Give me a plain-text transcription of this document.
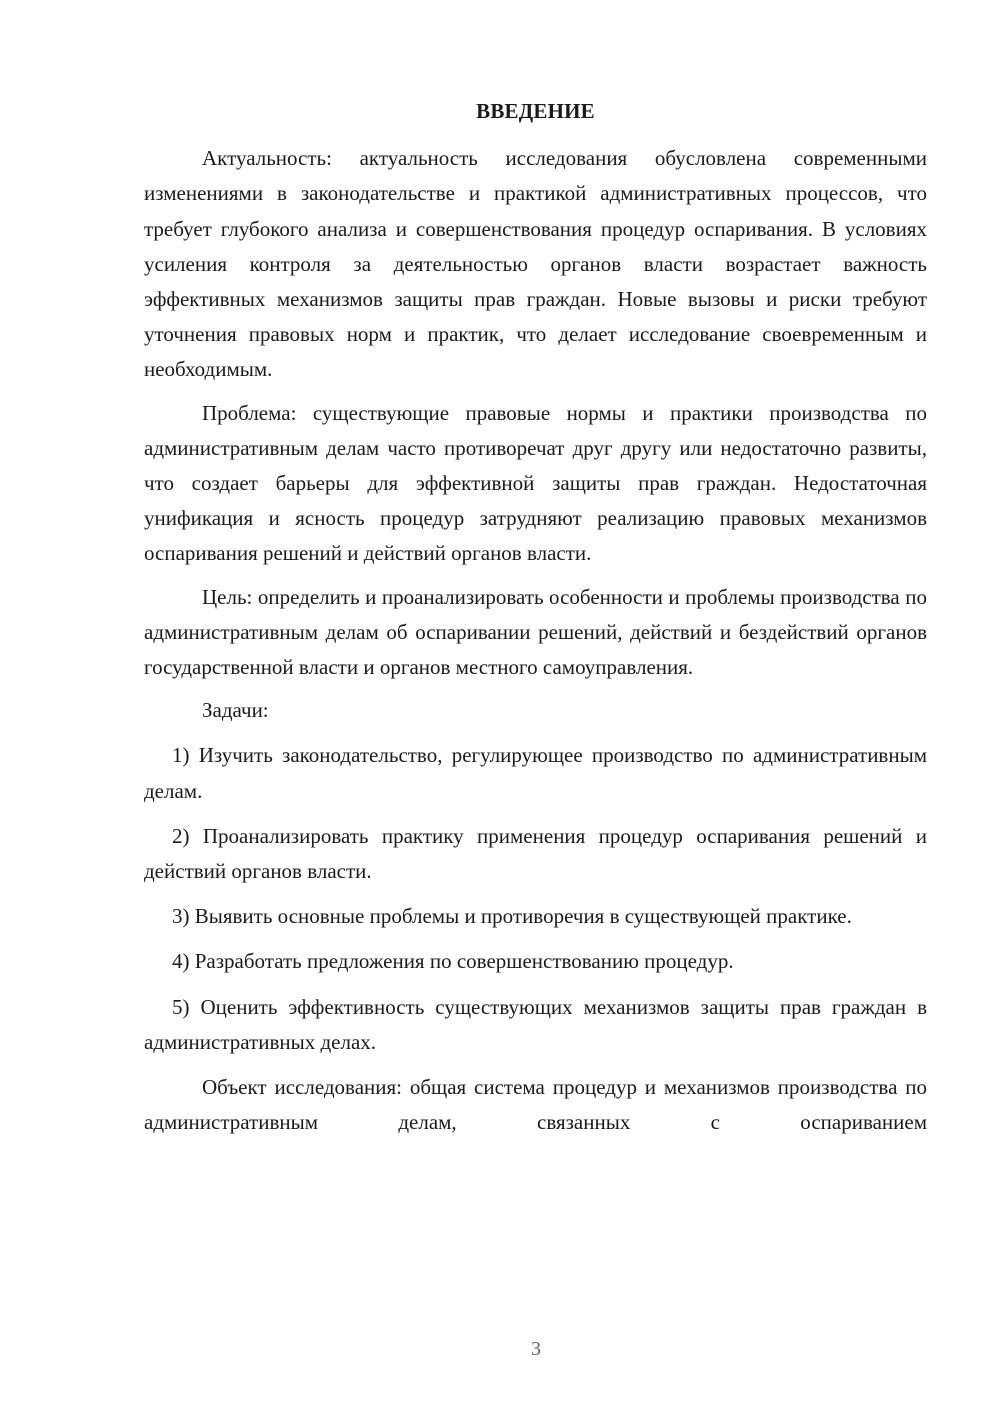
ВВЕДЕНИЕ

Актуальность: актуальность исследования обусловлена современными изменениями в законодательстве и практикой административных процессов, что требует глубокого анализа и совершенствования процедур оспаривания. В условиях усиления контроля за деятельностью органов власти возрастает важность эффективных механизмов защиты прав граждан. Новые вызовы и риски требуют уточнения правовых норм и практик, что делает исследование своевременным и необходимым.

Проблема: существующие правовые нормы и практики производства по административным делам часто противоречат друг другу или недостаточно развиты, что создает барьеры для эффективной защиты прав граждан. Недостаточная унификация и ясность процедур затрудняют реализацию правовых механизмов оспаривания решений и действий органов власти.

Цель: определить и проанализировать особенности и проблемы производства по административным делам об оспаривании решений, действий и бездействий органов государственной власти и органов местного самоуправления.

Задачи:

1) Изучить законодательство, регулирующее производство по административным делам.

2) Проанализировать практику применения процедур оспаривания решений и действий органов власти.

3) Выявить основные проблемы и противоречия в существующей практике.

4) Разработать предложения по совершенствованию процедур.

5) Оценить эффективность существующих механизмов защиты прав граждан в административных делах.

Объект исследования: общая система процедур и механизмов производства по административным делам, связанных с оспариванием

3
